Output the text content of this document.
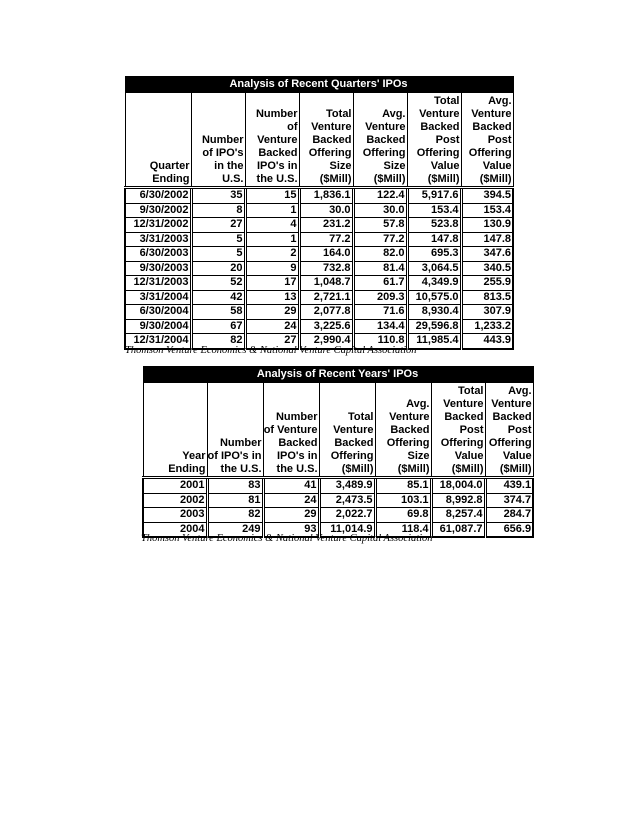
Analysis of Recent Quarters' IPOs						

Quarter Ending	Number of IPO's in the U.S.	Number of Venture Backed IPO's in the U.S.	Total Venture Backed Offering Size ($Mill)	Avg. Venture Backed Offering Size ($Mill)	Total Venture Backed Post Offering Value ($Mill)	Avg. Venture Backed Post Offering Value ($Mill)

6/30/2002	35	15	1,836.1	122.4	5,917.6	394.5
9/30/2002	8	1	30.0	30.0	153.4	153.4
12/31/2002	27	4	231.2	57.8	523.8	130.9
3/31/2003	5	1	77.2	77.2	147.8	147.8
6/30/2003	5	2	164.0	82.0	695.3	347.6
9/30/2003	20	9	732.8	81.4	3,064.5	340.5
12/31/2003	52	17	1,048.7	61.7	4,349.9	255.9
3/31/2004	42	13	2,721.1	209.3	10,575.0	813.5
6/30/2004	58	29	2,077.8	71.6	8,930.4	307.9
9/30/2004	67	24	3,225.6	134.4	29,596.8	1,233.2
12/31/2004	82	27	2,990.4	110.8	11,985.4	443.9
Thomson Venture Economics & National Venture Capital Association
Analysis of Recent Years' IPOs						

Year Ending	Number of IPO's in the U.S.	Number of Venture Backed IPO's in the U.S.	Total Venture Backed Offering ($Mill)	Avg. Venture Backed Offering Size ($Mill)	Total Venture Backed Post Offering Value ($Mill)	Avg. Venture Backed Post Offering Value ($Mill)

2001	83	41	3,489.9	85.1	18,004.0	439.1
2002	81	24	2,473.5	103.1	8,992.8	374.7
2003	82	29	2,022.7	69.8	8,257.4	284.7
2004	249	93	11,014.9	118.4	61,087.7	656.9
Thomson Venture Economics & National Venture Capital Association
